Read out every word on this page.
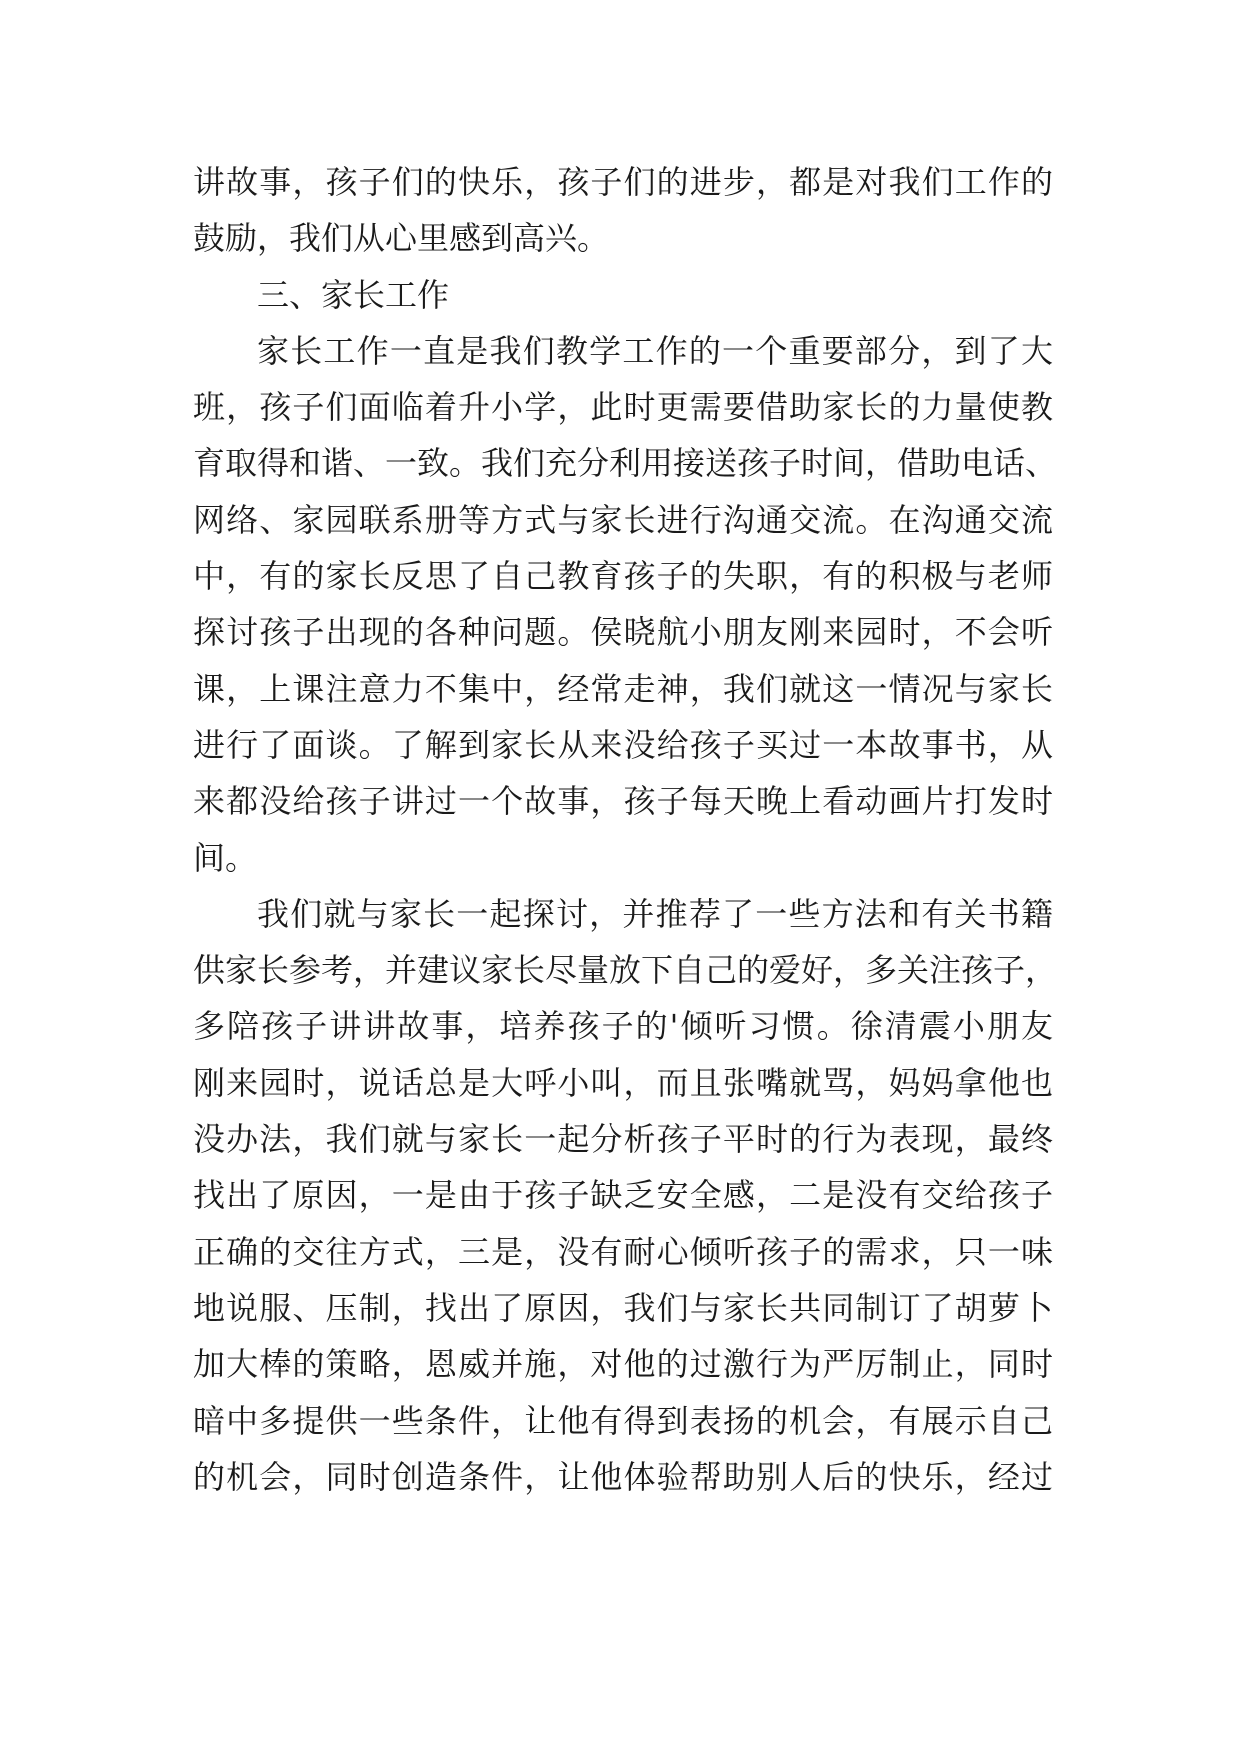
讲故事，孩子们的快乐，孩子们的进步，都是对我们工作的
鼓励，我们从心里感到高兴。
三、家长工作
家长工作一直是我们教学工作的一个重要部分，到了大
班，孩子们面临着升小学，此时更需要借助家长的力量使教
育取得和谐、一致。我们充分利用接送孩子时间，借助电话、
网络、家园联系册等方式与家长进行沟通交流。在沟通交流
中，有的家长反思了自己教育孩子的失职，有的积极与老师
探讨孩子出现的各种问题。侯晓航小朋友刚来园时，不会听
课，上课注意力不集中，经常走神，我们就这一情况与家长
进行了面谈。了解到家长从来没给孩子买过一本故事书，从
来都没给孩子讲过一个故事，孩子每天晚上看动画片打发时
间。
我们就与家长一起探讨，并推荐了一些方法和有关书籍
供家长参考，并建议家长尽量放下自己的爱好，多关注孩子，
多陪孩子讲讲故事，培养孩子的'倾听习惯。徐清震小朋友
刚来园时，说话总是大呼小叫，而且张嘴就骂，妈妈拿他也
没办法，我们就与家长一起分析孩子平时的行为表现，最终
找出了原因，一是由于孩子缺乏安全感，二是没有交给孩子
正确的交往方式，三是，没有耐心倾听孩子的需求，只一味
地说服、压制，找出了原因，我们与家长共同制订了胡萝卜
加大棒的策略，恩威并施，对他的过激行为严厉制止，同时
暗中多提供一些条件，让他有得到表扬的机会，有展示自己
的机会，同时创造条件，让他体验帮助别人后的快乐，经过
